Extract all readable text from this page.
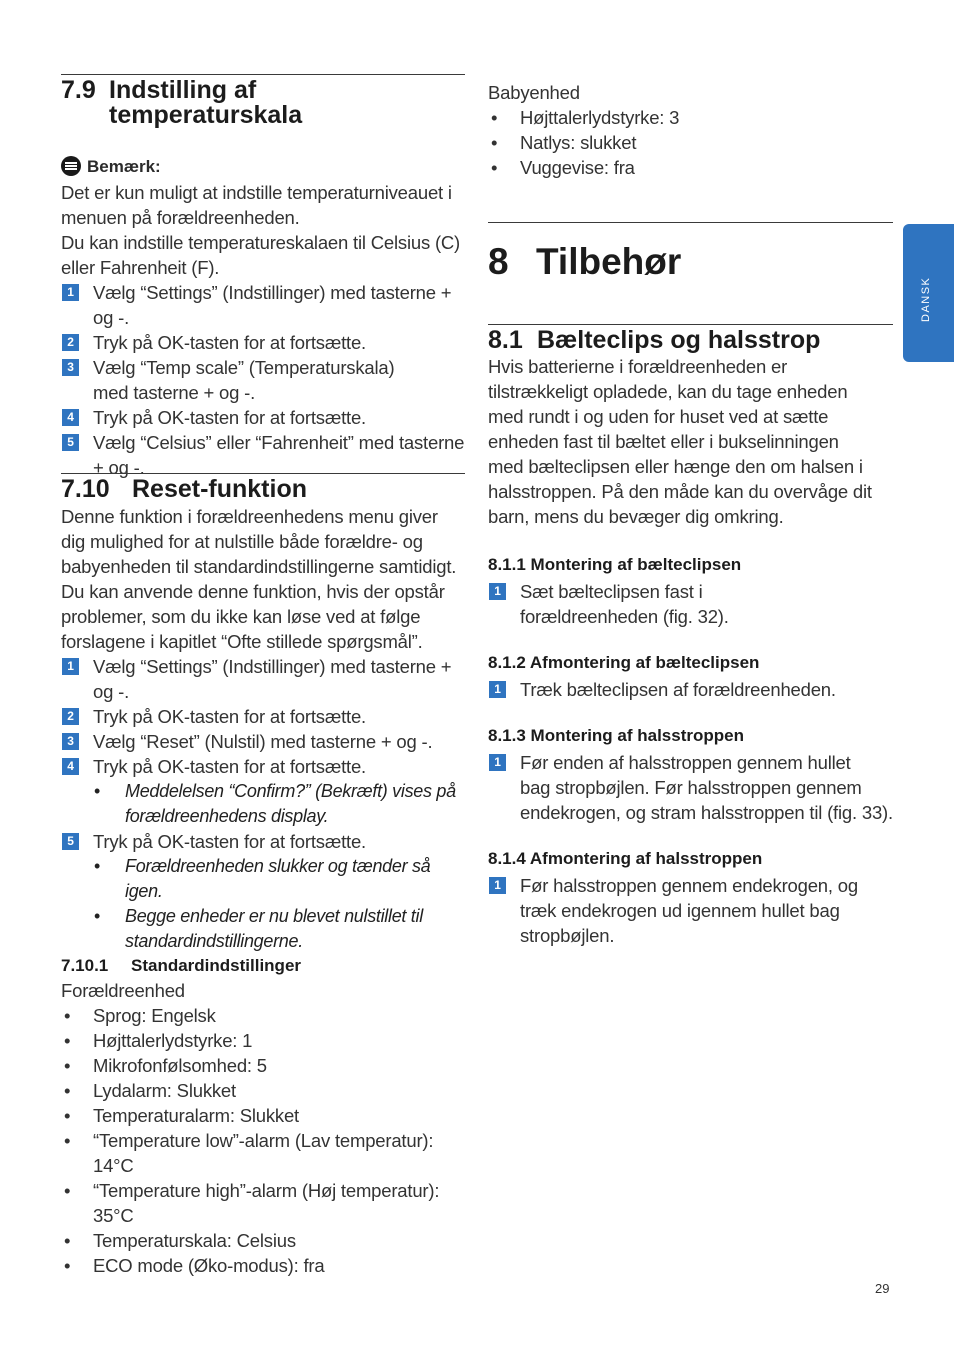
7.9 Indstilling af
temperaturskala
Bemærk:
Det er kun muligt at indstille temperaturniveauet i
menuen på forældreenheden.
Du kan indstille temperatureskalaen til Celsius (C)
eller Fahrenheit (F).
1 Vælg “Settings” (Indstillinger) med tasterne + og -.
2 Tryk på OK-tasten for at fortsætte.
3 Vælg “Temp scale” (Temperaturskala)
med tasterne + og -.
4 Tryk på OK-tasten for at fortsætte.
5 Vælg “Celsius” eller “Fahrenheit” med tasterne
+ og -.
7.10 Reset-funktion
Denne funktion i forældreenhedens menu giver
dig mulighed for at nulstille både forældre- og
babyenheden til standardindstillingerne samtidigt.
Du kan anvende denne funktion, hvis der opstår
problemer, som du ikke kan løse ved at følge
forslagene i kapitlet “Ofte stillede spørgsmål”.
1 Vælg “Settings” (Indstillinger) med tasterne +
og -.
2 Tryk på OK-tasten for at fortsætte.
3 Vælg “Reset” (Nulstil) med tasterne + og -.
4 Tryk på OK-tasten for at fortsætte.
• Meddelelsen “Confirm?” (Bekræft) vises på
forældreenhedens display.
5 Tryk på OK-tasten for at fortsætte.
• Forældreenheden slukker og tænder så igen.
• Begge enheder er nu blevet nulstillet til
standardindstillingerne.
7.10.1 Standardindstillinger
Forældreenhed
• Sprog: Engelsk
• Højttalerlydstyrke: 1
• Mikrofonfølsomhed: 5
• Lydalarm: Slukket
• Temperaturalarm: Slukket
• “Temperature low”-alarm (Lav temperatur):
14°C
• “Temperature high”-alarm (Høj temperatur):
35°C
• Temperaturskala: Celsius
• ECO mode (Øko-modus): fra
Babyenhed
• Højttalerlydstyrke: 3
• Natlys: slukket
• Vuggevise: fra
8 Tilbehør
8.1 Bælteclips og halsstrop
Hvis batterierne i forældreenheden er
tilstrækkeligt opladede, kan du tage enheden
med rundt i og uden for huset ved at sætte
enheden fast til bæltet eller i bukselinningen
med bælteclipsen eller hænge den om halsen i
halsstroppen. På den måde kan du overvåge dit
barn, mens du bevæger dig omkring.
8.1.1 Montering af bælteclipsen
1 Sæt bælteclipsen fast i
forældreenheden (fig. 32).
8.1.2 Afmontering af bælteclipsen
1 Træk bælteclipsen af forældreenheden.
8.1.3 Montering af halsstroppen
1 Før enden af halsstroppen gennem hullet
bag stropbøjlen. Før halsstroppen gennem
endekrogen, og stram halsstroppen til (fig. 33).
8.1.4 Afmontering af halsstroppen
1 Før halsstroppen gennem endekrogen, og
træk endekrogen ud igennem hullet bag
stropbøjlen.
DANSK
29
